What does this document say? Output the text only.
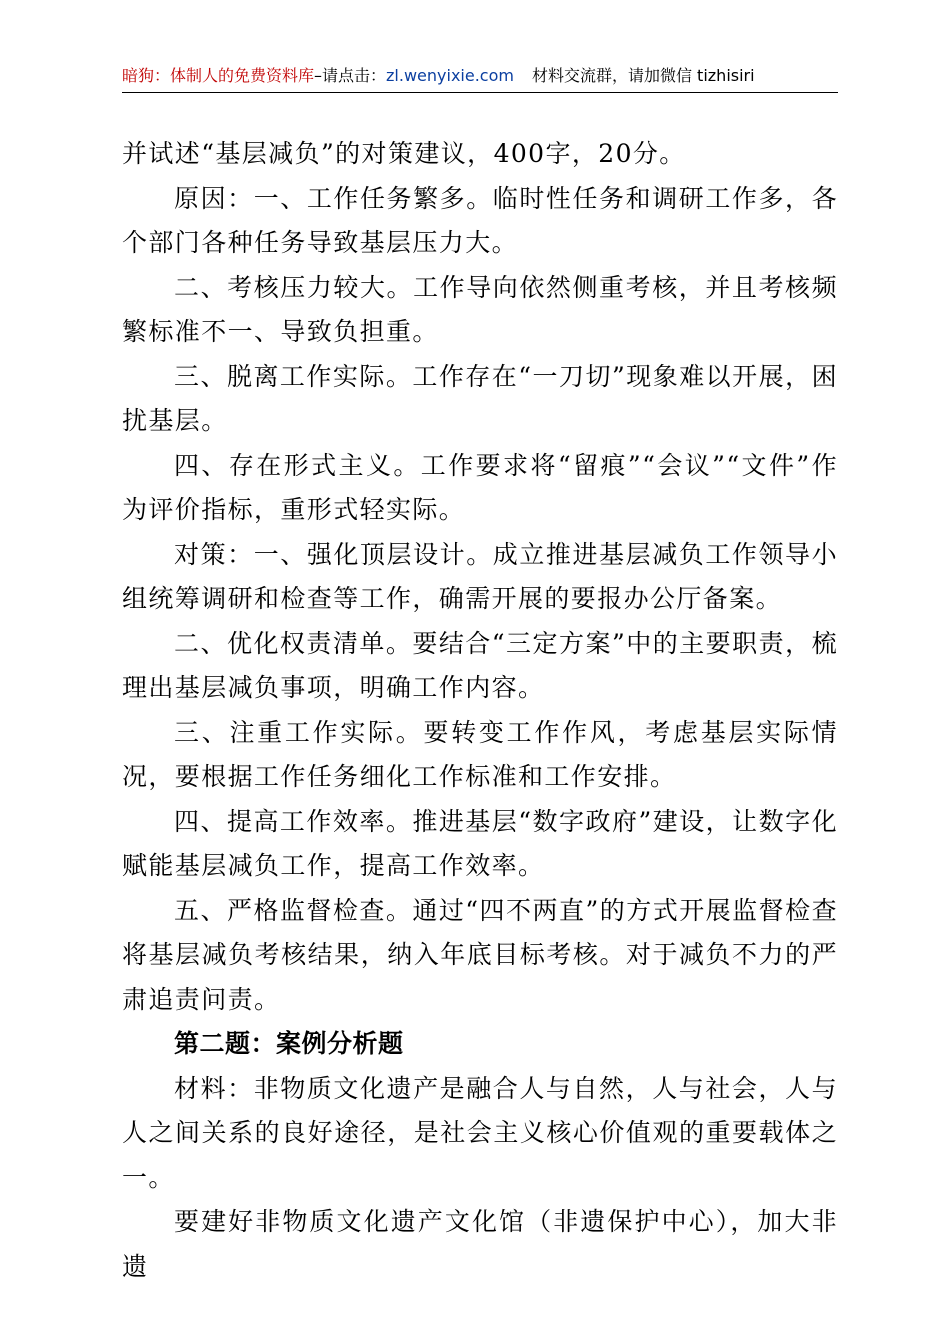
暗狗：体制人的免费资料库–请点击：zl.wenyixie.com 材料交流群，请加微信 tizhisiri

并试述“基层减负”的对策建议，400字，20分。

原因：一、工作任务繁多。临时性任务和调研工作多，各个部门各种任务导致基层压力大。

二、考核压力较大。工作导向依然侧重考核，并且考核频繁标准不一、导致负担重。

三、脱离工作实际。工作存在“一刀切”现象难以开展，困扰基层。

四、存在形式主义。工作要求将“留痕”“会议”“文件”作为评价指标，重形式轻实际。

对策：一、强化顶层设计。成立推进基层减负工作领导小组统筹调研和检查等工作，确需开展的要报办公厅备案。

二、优化权责清单。要结合“三定方案”中的主要职责，梳理出基层减负事项，明确工作内容。

三、注重工作实际。要转变工作作风，考虑基层实际情况，要根据工作任务细化工作标准和工作安排。

四、提高工作效率。推进基层“数字政府”建设，让数字化赋能基层减负工作，提高工作效率。

五、严格监督检查。通过“四不两直”的方式开展监督检查将基层减负考核结果，纳入年底目标考核。对于减负不力的严肃追责问责。

第二题：案例分析题

材料：非物质文化遗产是融合人与自然，人与社会，人与人之间关系的良好途径，是社会主义核心价值观的重要载体之一。

要建好非物质文化遗产文化馆（非遗保护中心），加大非遗
